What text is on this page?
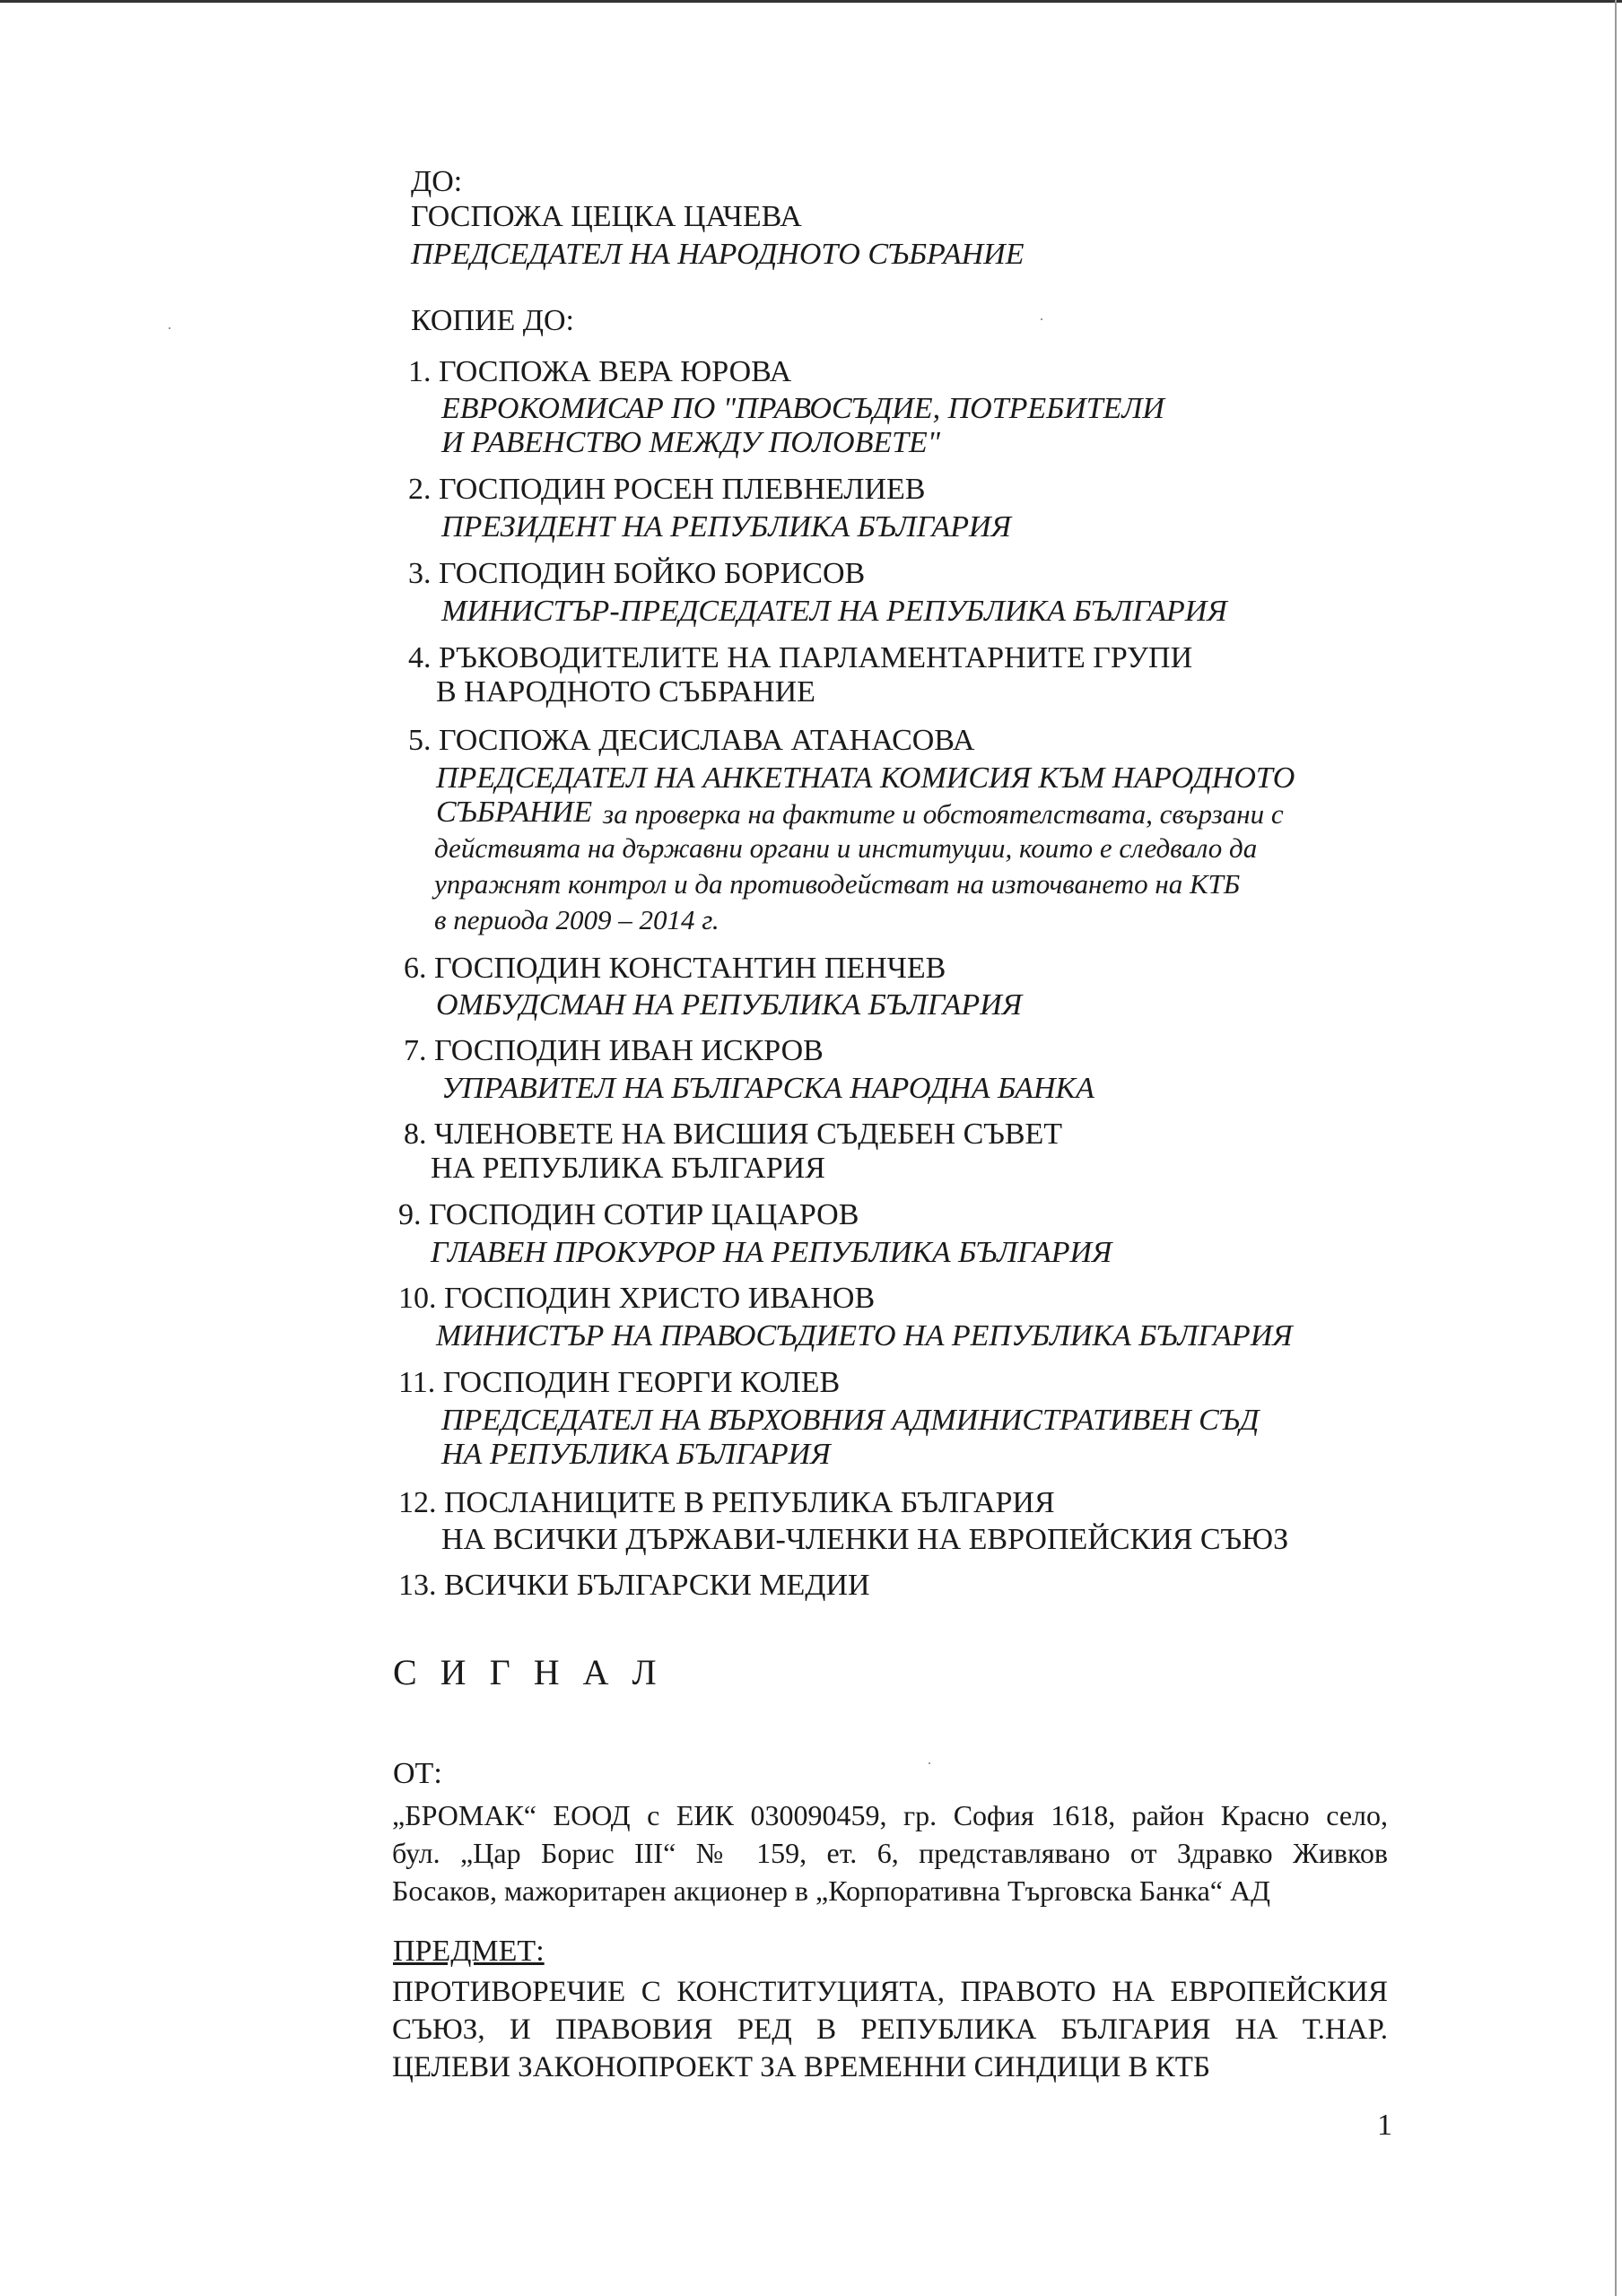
ДО:
ГОСПОЖА ЦЕЦКА ЦАЧЕВА
ПРЕДСЕДАТЕЛ НА НАРОДНОТО СЪБРАНИЕ
КОПИЕ ДО:
1. ГОСПОЖА ВЕРА ЮРОВА
ЕВРОКОМИСАР ПО "ПРАВОСЪДИЕ, ПОТРЕБИТЕЛИ
И РАВЕНСТВО МЕЖДУ ПОЛОВЕТЕ"
2. ГОСПОДИН РОСЕН ПЛЕВНЕЛИЕВ
ПРЕЗИДЕНТ НА РЕПУБЛИКА БЪЛГАРИЯ
3. ГОСПОДИН БОЙКО БОРИСОВ
МИНИСТЪР-ПРЕДСЕДАТЕЛ НА РЕПУБЛИКА БЪЛГАРИЯ
4. РЪКОВОДИТЕЛИТЕ НА ПАРЛАМЕНТАРНИТЕ ГРУПИ
В НАРОДНОТО СЪБРАНИЕ
5. ГОСПОЖА ДЕСИСЛАВА АТАНАСОВА
ПРЕДСЕДАТЕЛ НА АНКЕТНАТА КОМИСИЯ КЪМ НАРОДНОТО
СЪБРАНИЕ за проверка на фактите и обстоятелствата, свързани с
действията на държавни органи и институции, които е следвало да
упражнят контрол и да противодействат на източването на КТБ
в периода 2009 – 2014 г.
6. ГОСПОДИН КОНСТАНТИН ПЕНЧЕВ
ОМБУДСМАН НА РЕПУБЛИКА БЪЛГАРИЯ
7. ГОСПОДИН ИВАН ИСКРОВ
УПРАВИТЕЛ НА БЪЛГАРСКА НАРОДНА БАНКА
8. ЧЛЕНОВЕТЕ НА ВИСШИЯ СЪДЕБЕН СЪВЕТ
НА РЕПУБЛИКА БЪЛГАРИЯ
9. ГОСПОДИН СОТИР ЦАЦАРОВ
ГЛАВЕН ПРОКУРОР НА РЕПУБЛИКА БЪЛГАРИЯ
10. ГОСПОДИН ХРИСТО ИВАНОВ
МИНИСТЪР НА ПРАВОСЪДИЕТО НА РЕПУБЛИКА БЪЛГАРИЯ
11. ГОСПОДИН ГЕОРГИ КОЛЕВ
ПРЕДСЕДАТЕЛ НА ВЪРХОВНИЯ АДМИНИСТРАТИВЕН СЪД
НА РЕПУБЛИКА БЪЛГАРИЯ
12. ПОСЛАНИЦИТЕ В РЕПУБЛИКА БЪЛГАРИЯ
НА ВСИЧКИ ДЪРЖАВИ-ЧЛЕНКИ НА ЕВРОПЕЙСКИЯ СЪЮЗ
13. ВСИЧКИ БЪЛГАРСКИ МЕДИИ
СИГНАЛ
ОТ:
„БРОМАК“ ЕООД с ЕИК 030090459, гр. София 1618, район Красно село,
бул. „Цар Борис III“ № 159, ет. 6, представлявано от Здравко Живков
Босаков, мажоритарен акционер в „Корпоративна Търговска Банка“ АД
ПРЕДМЕТ:
ПРОТИВОРЕЧИЕ С КОНСТИТУЦИЯТА, ПРАВОТО НА ЕВРОПЕЙСКИЯ
СЪЮЗ, И ПРАВОВИЯ РЕД В РЕПУБЛИКА БЪЛГАРИЯ НА Т.НАР.
ЦЕЛЕВИ ЗАКОНОПРОЕКТ ЗА ВРЕМЕННИ СИНДИЦИ В КТБ
1
